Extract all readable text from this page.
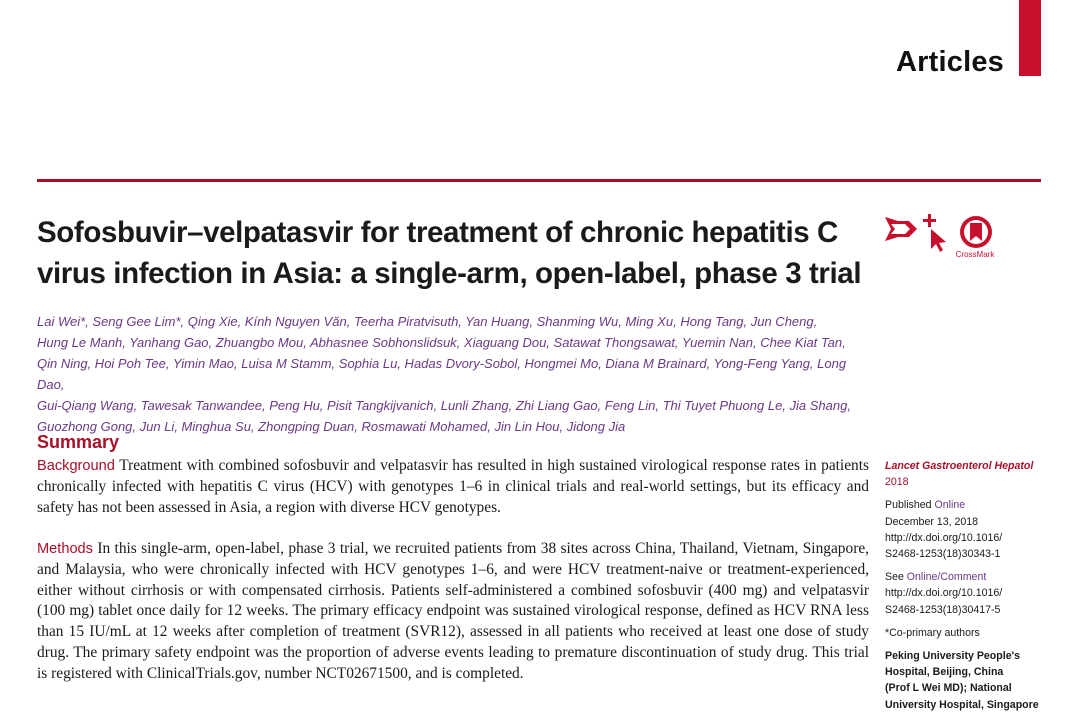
Articles
Sofosbuvir–velpatasvir for treatment of chronic hepatitis C virus infection in Asia: a single-arm, open-label, phase 3 trial
CrossMark
Lai Wei*, Seng Gee Lim*, Qing Xie, Kính Nguyen Văn, Teerha Piratvisuth, Yan Huang, Shanming Wu, Ming Xu, Hong Tang, Jun Cheng,
Hung Le Manh, Yanhang Gao, Zhuangbo Mou, Abhasnee Sobhonslidsuk, Xiaguang Dou, Satawat Thongsawat, Yuemin Nan, Chee Kiat Tan,
Qin Ning, Hoi Poh Tee, Yimin Mao, Luisa M Stamm, Sophia Lu, Hadas Dvory-Sobol, Hongmei Mo, Diana M Brainard, Yong-Feng Yang, Long Dao,
Gui-Qiang Wang, Tawesak Tanwandee, Peng Hu, Pisit Tangkijvanich, Lunli Zhang, Zhi Liang Gao, Feng Lin, Thi Tuyet Phuong Le, Jia Shang,
Guozhong Gong, Jun Li, Minghua Su, Zhongping Duan, Rosmawati Mohamed, Jin Lin Hou, Jidong Jia
Summary
Background Treatment with combined sofosbuvir and velpatasvir has resulted in high sustained virological response rates in patients chronically infected with hepatitis C virus (HCV) with genotypes 1–6 in clinical trials and real-world settings, but its efficacy and safety has not been assessed in Asia, a region with diverse HCV genotypes.
Methods In this single-arm, open-label, phase 3 trial, we recruited patients from 38 sites across China, Thailand, Vietnam, Singapore, and Malaysia, who were chronically infected with HCV genotypes 1–6, and were HCV treatment-naive or treatment-experienced, either without cirrhosis or with compensated cirrhosis. Patients self-administered a combined sofosbuvir (400 mg) and velpatasvir (100 mg) tablet once daily for 12 weeks. The primary efficacy endpoint was sustained virological response, defined as HCV RNA less than 15 IU/mL at 12 weeks after completion of treatment (SVR12), assessed in all patients who received at least one dose of study drug. The primary safety endpoint was the proportion of adverse events leading to premature discontinuation of study drug. This trial is registered with ClinicalTrials.gov, number NCT02671500, and is completed.
Lancet Gastroenterol Hepatol
2018
Published Online
December 13, 2018
http://dx.doi.org/10.1016/
S2468-1253(18)30343-1
See Online/Comment
http://dx.doi.org/10.1016/
S2468-1253(18)30417-5
*Co-primary authors
Peking University People's
Hospital, Beijing, China
(Prof L Wei MD); National
University Hospital, Singapore
